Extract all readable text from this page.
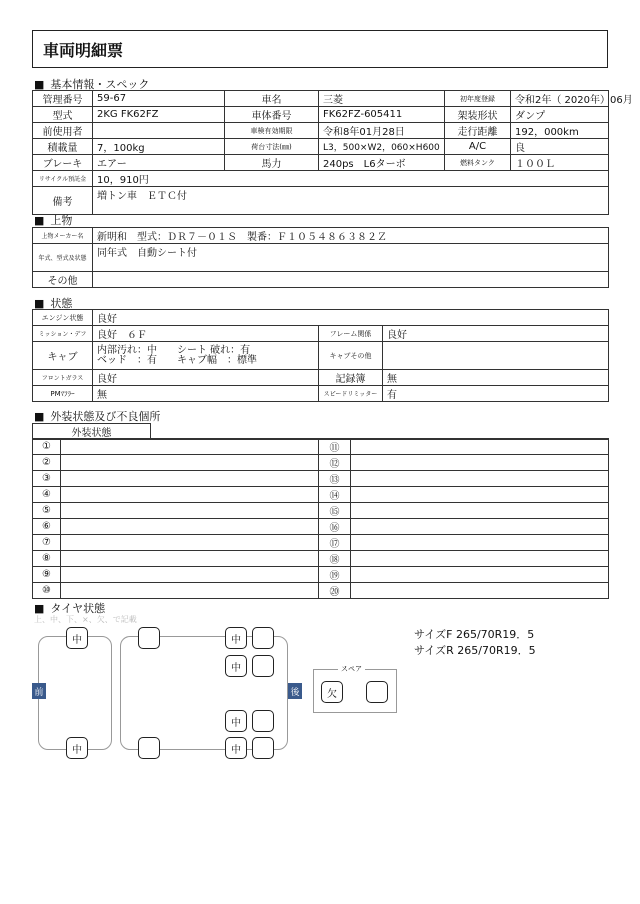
車両明細票
■ 基本情報・スペック
管理番号	59-67	車名	三菱	初年度登録	令和2年（ 2020年）06月
型式	2KG FK62FZ	車体番号	FK62FZ-605411	架装形状	ダンプ
前使用者		車検有効期限	令和8年01月28日	走行距離	192，000km
積載量	7，100kg	荷台寸法(㎜)	L3，500×W2，060×H600	A/C	良
ブレーキ	エアー	馬力	240ps　L6ターボ	燃料タンク	１００Ｌ
リサイクル預託金	10，910円				
備考	増トン車　ＥＴＣ付				
■ 上物
上物メーカー名	新明和　型式：ＤＲ７－０１Ｓ　製番：Ｆ１０５４８６３８２Ｚ
年式、型式及状態	同年式　自動シート付
その他	
■ 状態
エンジン状態	良好		
ミッション・デフ	良好　６Ｆ	フレーム関係	良好
キャブ	内部汚れ：中　　シート 破れ：有
ベッド　：有　　キャブ幅　：標準	キャブその他	
フロントガラス	良好	記録簿	無
PMﾏﾌﾗｰ	無	スピードリミッター	有
■ 外装状態及び不良個所
外装状態	
①		⑪	
②		⑫	
③		⑬	
④		⑭	
⑤		⑮	
⑥		⑯	
⑦		⑰	
⑧		⑱	
⑨		⑲	
⑩		⑳	
■ タイヤ状態
上、中、下、×、欠、で記載
前	後
中	中
中
中
中	中
スペア
欠
サイズF 265/70R19．5
サイズR 265/70R19．5
